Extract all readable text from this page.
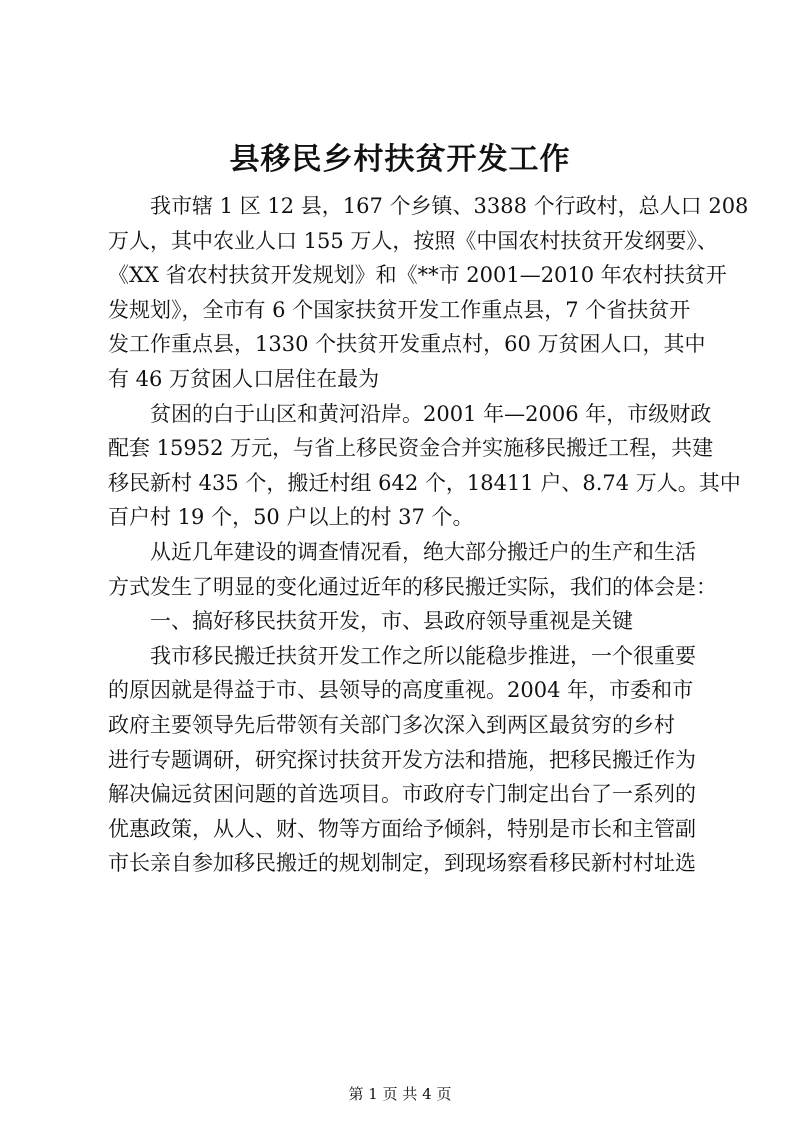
县移民乡村扶贫开发工作
　　我市辖 1 区 12 县，167 个乡镇、3388 个行政村，总人口 208
万人，其中农业人口 155 万人，按照《中国农村扶贫开发纲要》、
《XX 省农村扶贫开发规划》和《**市 2001—2010 年农村扶贫开
发规划》，全市有 6 个国家扶贫开发工作重点县，7 个省扶贫开
发工作重点县，1330 个扶贫开发重点村，60 万贫困人口，其中
有 46 万贫困人口居住在最为
　　贫困的白于山区和黄河沿岸。2001 年—2006 年，市级财政
配套 15952 万元，与省上移民资金合并实施移民搬迁工程，共建
移民新村 435 个，搬迁村组 642 个，18411 户、8.74 万人。其中
百户村 19 个，50 户以上的村 37 个。
　　从近几年建设的调查情况看，绝大部分搬迁户的生产和生活
方式发生了明显的变化通过近年的移民搬迁实际，我们的体会是：
　　一、搞好移民扶贫开发，市、县政府领导重视是关键
　　我市移民搬迁扶贫开发工作之所以能稳步推进，一个很重要
的原因就是得益于市、县领导的高度重视。2004 年，市委和市
政府主要领导先后带领有关部门多次深入到两区最贫穷的乡村
进行专题调研，研究探讨扶贫开发方法和措施，把移民搬迁作为
解决偏远贫困问题的首选项目。市政府专门制定出台了一系列的
优惠政策，从人、财、物等方面给予倾斜，特别是市长和主管副
市长亲自参加移民搬迁的规划制定，到现场察看移民新村村址选
第 1 页 共 4 页
